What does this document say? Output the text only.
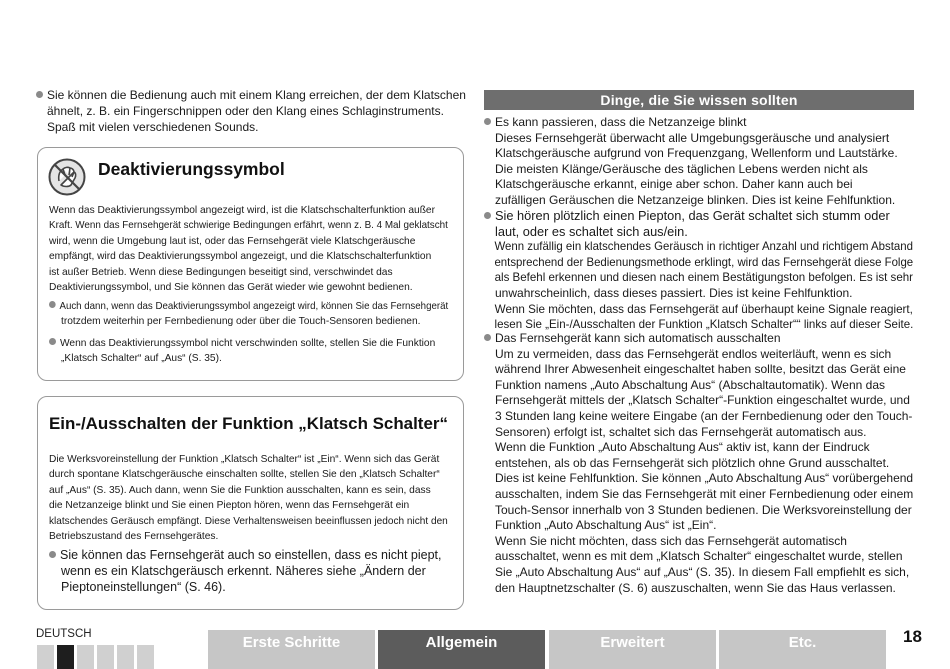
Sie können die Bedienung auch mit einem Klang erreichen, der dem Klatschen
ähnelt, z. B. ein Fingerschnippen oder den Klang eines Schlaginstruments.
Spaß mit vielen verschiedenen Sounds.
Deaktivierungssymbol
Wenn das Deaktivierungssymbol angezeigt wird, ist die Klatschschalterfunktion außer
Kraft. Wenn das Fernsehgerät schwierige Bedingungen erfährt, wenn z. B. 4 Mal geklatscht
wird, wenn die Umgebung laut ist, oder das Fernsehgerät viele Klatschgeräusche
empfängt, wird das Deaktivierungssymbol angezeigt, und die Klatschschalterfunktion
ist außer Betrieb. Wenn diese Bedingungen beseitigt sind, verschwindet das
Deaktivierungssymbol, und Sie können das Gerät wieder wie gewohnt bedienen.
Auch dann, wenn das Deaktivierungssymbol angezeigt wird, können Sie das Fernsehgerät
trotzdem weiterhin per Fernbedienung oder über die Touch-Sensoren bedienen.
Wenn das Deaktivierungssymbol nicht verschwinden sollte, stellen Sie die Funktion
„Klatsch Schalter“ auf „Aus“ (S. 35).
Ein-/Ausschalten der Funktion „Klatsch Schalter“
Die Werksvoreinstellung der Funktion „Klatsch Schalter“ ist „Ein“. Wenn sich das Gerät
durch spontane Klatschgeräusche einschalten sollte, stellen Sie den „Klatsch Schalter“
auf „Aus“ (S. 35). Auch dann, wenn Sie die Funktion ausschalten, kann es sein, dass
die Netzanzeige blinkt und Sie einen Piepton hören, wenn das Fernsehgerät ein
klatschendes Geräusch empfängt. Diese Verhaltensweisen beeinflussen jedoch nicht den
Betriebszustand des Fernsehgerätes.
Sie können das Fernsehgerät auch so einstellen, dass es nicht piept,
wenn es ein Klatschgeräusch erkennt. Näheres siehe „Ändern der
Pieptoneinstellungen“ (S. 46).
Dinge, die Sie wissen sollten
Es kann passieren, dass die Netzanzeige blinkt
Dieses Fernsehgerät überwacht alle Umgebungsgeräusche und analysiert
Klatschgeräusche aufgrund von Frequenzgang, Wellenform und Lautstärke.
Die meisten Klänge/Geräusche des täglichen Lebens werden nicht als
Klatschgeräusche erkannt, einige aber schon. Daher kann auch bei
zufälligen Geräuschen die Netzanzeige blinken. Dies ist keine Fehlfunktion.
Sie hören plötzlich einen Piepton, das Gerät schaltet sich stumm oder
laut, oder es schaltet sich aus/ein.
Wenn zufällig ein klatschendes Geräusch in richtiger Anzahl und richtigem Abstand
entsprechend der Bedienungsmethode erklingt, wird das Fernsehgerät diese Folge
als Befehl erkennen und diesen nach einem Bestätigungston befolgen. Es ist sehr
unwahrscheinlich, dass dieses passiert. Dies ist keine Fehlfunktion.
Wenn Sie möchten, dass das Fernsehgerät auf überhaupt keine Signale reagiert,
lesen Sie „Ein-/Ausschalten der Funktion „Klatsch Schalter““ links auf dieser Seite.
Das Fernsehgerät kann sich automatisch ausschalten
Um zu vermeiden, dass das Fernsehgerät endlos weiterläuft, wenn es sich
während Ihrer Abwesenheit eingeschaltet haben sollte, besitzt das Gerät eine
Funktion namens „Auto Abschaltung Aus“ (Abschaltautomatik). Wenn das
Fernsehgerät mittels der „Klatsch Schalter“-Funktion eingeschaltet wurde, und
3 Stunden lang keine weitere Eingabe (an der Fernbedienung oder den Touch-
Sensoren) erfolgt ist, schaltet sich das Fernsehgerät automatisch aus.
Wenn die Funktion „Auto Abschaltung Aus“ aktiv ist, kann der Eindruck
entstehen, als ob das Fernsehgerät sich plötzlich ohne Grund ausschaltet.
Dies ist keine Fehlfunktion. Sie können „Auto Abschaltung Aus“ vorübergehend
ausschalten, indem Sie das Fernsehgerät mit einer Fernbedienung oder einem
Touch-Sensor innerhalb von 3 Stunden bedienen. Die Werksvoreinstellung der
Funktion „Auto Abschaltung Aus“ ist „Ein“.
Wenn Sie nicht möchten, dass sich das Fernsehgerät automatisch
ausschaltet, wenn es mit dem „Klatsch Schalter“ eingeschaltet wurde, stellen
Sie „Auto Abschaltung Aus“ auf „Aus“ (S. 35). In diesem Fall empfiehlt es sich,
den Hauptnetzschalter (S. 6) auszuschalten, wenn Sie das Haus verlassen.
DEUTSCH	Erste Schritte	Allgemein	Erweitert	Etc.	18
